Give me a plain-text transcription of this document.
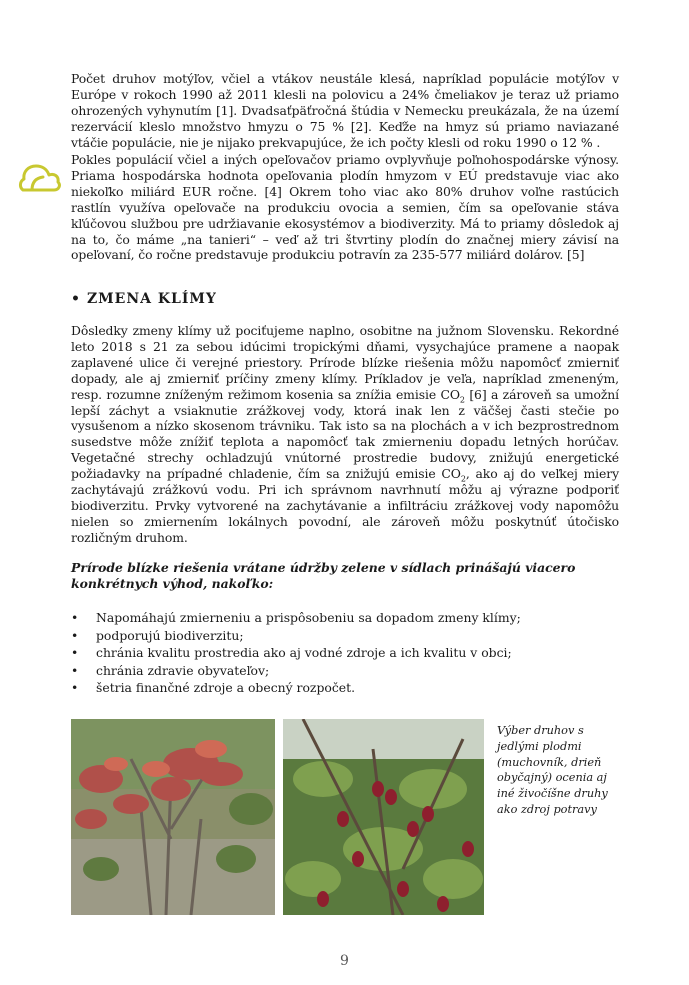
Počet druhov motýľov, včiel a vtákov neustále klesá, napríklad populácie motýľov v Európe v rokoch 1990 až 2011 klesli na polovicu a 24% čmeliakov je teraz už priamo ohrozených vyhynutím [1]. Dvadsaťpäťročná štúdia v Nemecku preukázala, že na území rezervácií kleslo množstvo hmyzu o 75 % [2]. Keďže na hmyz sú priamo naviazané vtáčie populácie, nie je nijako prekvapujúce, že ich počty klesli od roku 1990 o 12 % .

Pokles populácií včiel a iných opeľovačov priamo ovplyvňuje poľnohospodárske výnosy. Priama hospodárska hodnota opeľovania plodín hmyzom v EÚ predstavuje viac ako niekoľko miliárd EUR ročne. [4] Okrem toho viac ako 80% druhov voľne rastúcich rastlín využíva opeľovače na produkciu ovocia a semien, čím sa opeľovanie stáva kľúčovou službou pre udržiavanie ekosystémov a biodiverzity. Má to priamy dôsledok aj na to, čo máme „na tanieri“ – veď až tri štvrtiny plodín do značnej miery závisí na opeľovaní, čo ročne predstavuje produkciu potravín za 235-577 miliárd dolárov. [5]

• ZMENA KLÍMY

Dôsledky zmeny klímy už pociťujeme naplno, osobitne na južnom Slovensku. Rekordné leto 2018 s 21 za sebou idúcimi tropickými dňami, vysychajúce pramene a naopak zaplavené ulice či verejné priestory. Prírode blízke riešenia môžu napomôcť zmierniť dopady, ale aj zmierniť príčiny zmeny klímy. Príkladov je veľa, napríklad zmeneným, resp. rozumne zníženým režimom kosenia sa znížia emisie $CO_2$ [6] a zároveň sa umožní lepší záchyt a vsiaknutie zrážkovej vody, ktorá inak len z väčšej časti stečie po vysušenom a nízko skosenom trávniku. Tak isto sa na plochách a v ich bezprostrednom susedstve môže znížiť teplota a napomôcť tak zmierneniu dopadu letných horúčav. Vegetačné strechy ochladzujú vnútorné prostredie budovy, znižujú energetické požiadavky na prípadné chladenie, čím sa znižujú emisie $CO_2$, ako aj do veľkej miery zachytávajú zrážkovú vodu. Pri ich správnom navrhnutí môžu aj výrazne podporiť biodiverzitu. Prvky vytvorené na zachytávanie a infiltráciu zrážkovej vody napomôžu nielen so zmiernením lokálnych povodní, ale zároveň môžu poskytnúť útočisko rozličným druhom.

Prírode blízke riešenia vrátane údržby zelene v sídlach prinášajú viacero konkrétnych výhod, nakoľko:

• Napomáhajú zmierneniu a prispôsobeniu sa dopadom zmeny klímy;
• podporujú biodiverzitu;
• chránia kvalitu prostredia ako aj vodné zdroje a ich kvalitu v obci;
• chránia zdravie obyvateľov;
• šetria finančné zdroje a obecný rozpočet.

Výber druhov s jedlými plodmi (muchovník, drieň obyčajný) ocenia aj iné živočíšne druhy ako zdroj potravy

9
